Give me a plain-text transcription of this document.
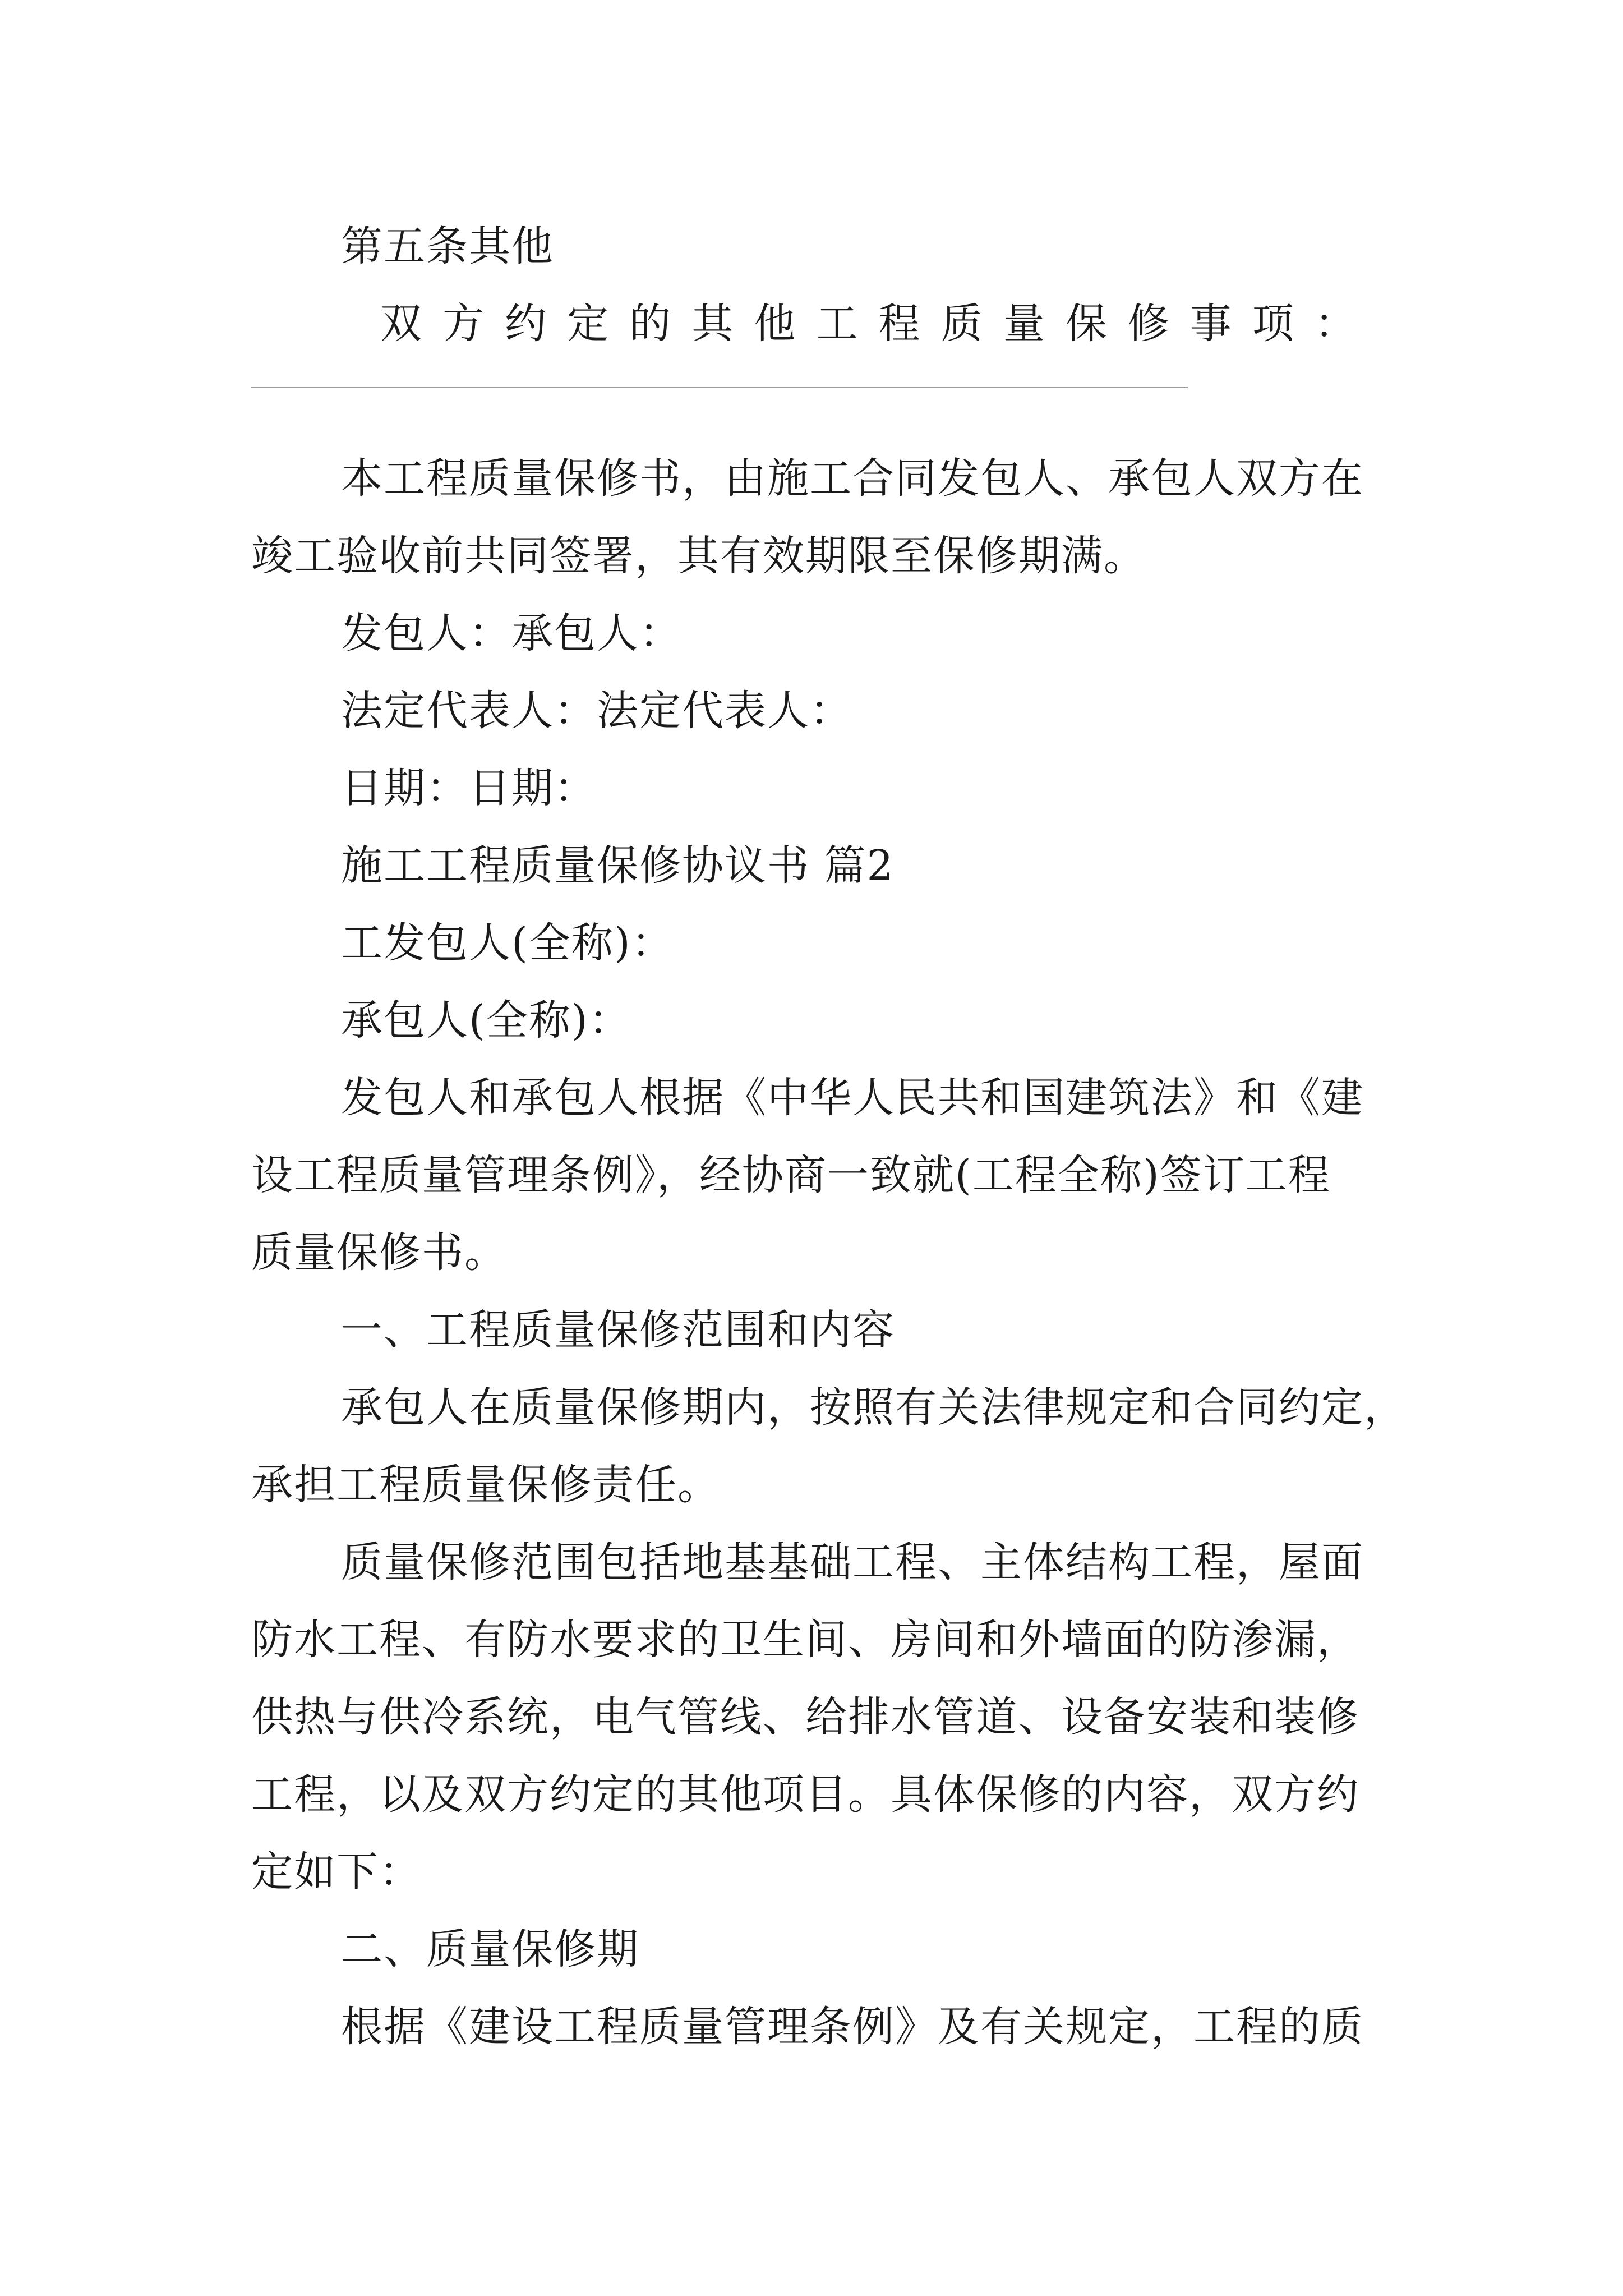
第五条其他
双方约定的其他工程质量保修事项：
本工程质量保修书，由施工合同发包人、承包人双方在
竣工验收前共同签署，其有效期限至保修期满。
发包人：承包人：
法定代表人：法定代表人：
日期：日期：
施工工程质量保修协议书 篇2
工发包人(全称)：
承包人(全称)：
发包人和承包人根据《中华人民共和国建筑法》和《建
设工程质量管理条例》，经协商一致就(工程全称)签订工程
质量保修书。
一、工程质量保修范围和内容
承包人在质量保修期内，按照有关法律规定和合同约定，
承担工程质量保修责任。
质量保修范围包括地基基础工程、主体结构工程，屋面
防水工程、有防水要求的卫生间、房间和外墙面的防渗漏，
供热与供冷系统，电气管线、给排水管道、设备安装和装修
工程，以及双方约定的其他项目。具体保修的内容，双方约
定如下：
二、质量保修期
根据《建设工程质量管理条例》及有关规定，工程的质
